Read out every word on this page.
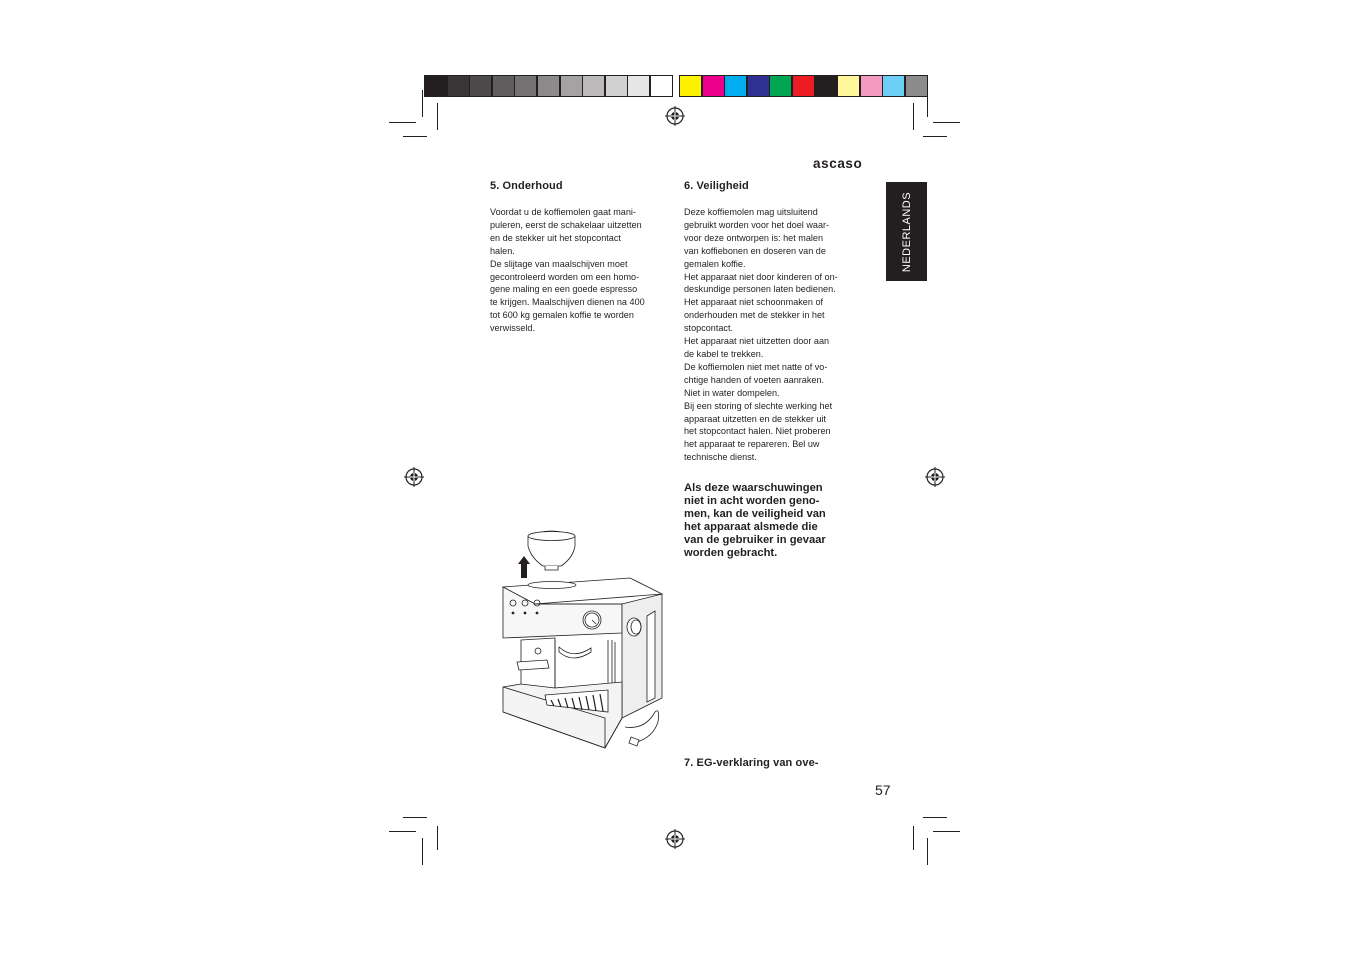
ascaso
NEDERLANDS

5. Onderhoud

Voordat u de koffiemolen gaat mani-
puleren, eerst de schakelaar uitzetten
en de stekker uit het stopcontact
halen.
De slijtage van maalschijven moet
gecontroleerd worden om een homo-
gene maling en een goede espresso
te krijgen. Maalschijven dienen na 400
tot 600 kg gemalen koffie te worden
verwisseld.

6. Veiligheid

Deze koffiemolen mag uitsluitend
gebruikt worden voor het doel waar-
voor deze ontworpen is: het malen
van koffiebonen en doseren van de
gemalen koffie.
Het apparaat niet door kinderen of on-
deskundige personen laten bedienen.
Het apparaat niet schoonmaken of
onderhouden met de stekker in het
stopcontact.
Het apparaat niet uitzetten door aan
de kabel te trekken.
De koffiemolen niet met natte of vo-
chtige handen of voeten aanraken.
Niet in water dompelen.
Bij een storing of slechte werking het
apparaat uitzetten en de stekker uit
het stopcontact halen. Niet proberen
het apparaat te repareren. Bel uw
technische dienst.

Als deze waarschuwingen
niet in acht worden geno-
men, kan de veiligheid van
het apparaat alsmede die
van de gebruiker in gevaar
worden gebracht.

7. EG-verklaring van ove-

57
